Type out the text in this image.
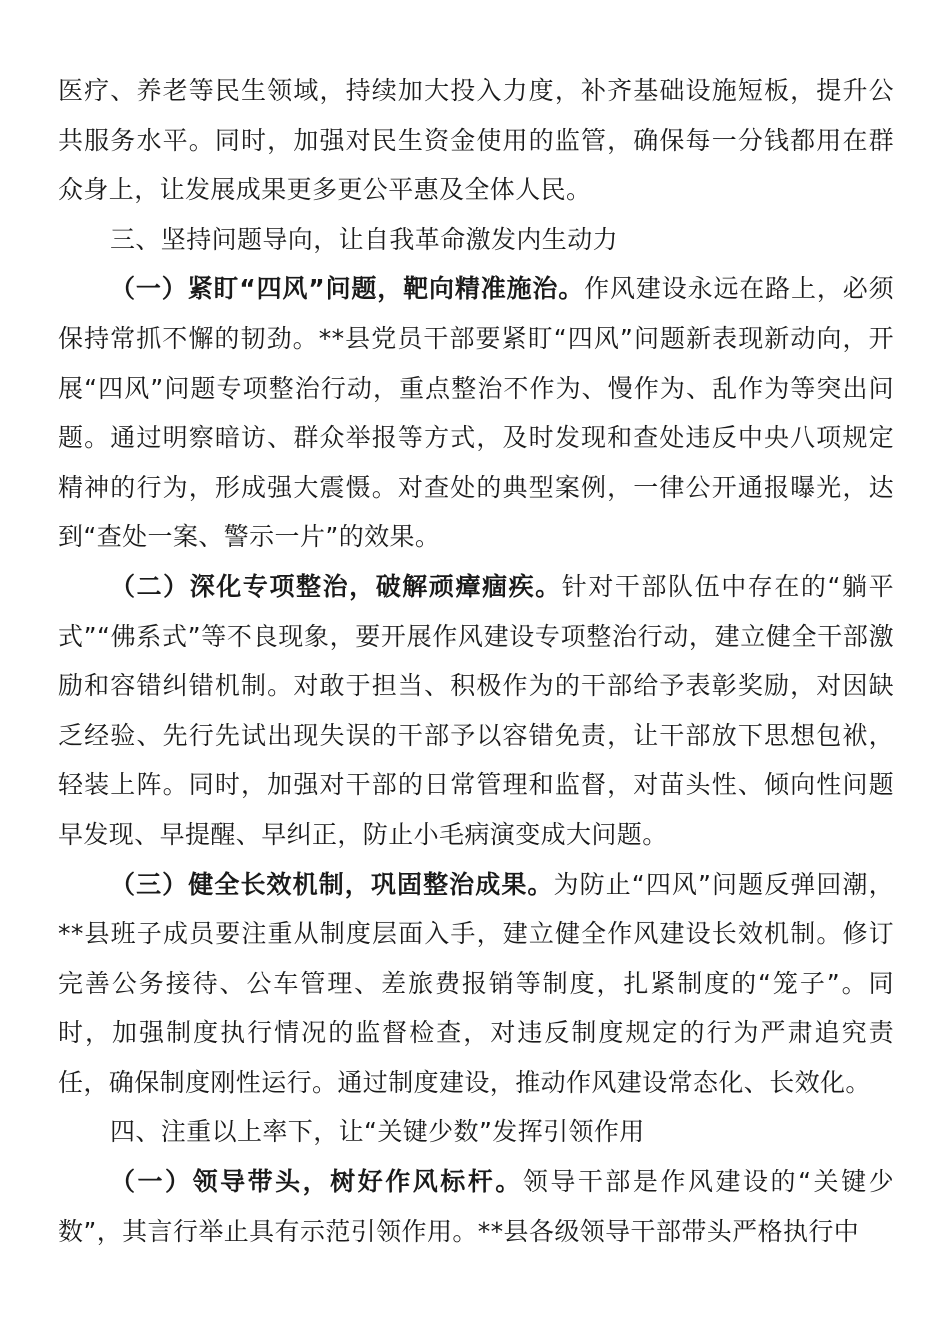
医疗、养老等民生领域，持续加大投入力度，补齐基础设施短板，提升公共服务水平。同时，加强对民生资金使用的监管，确保每一分钱都用在群众身上，让发展成果更多更公平惠及全体人民。

三、坚持问题导向，让自我革命激发内生动力

（一）紧盯“四风”问题，靶向精准施治。作风建设永远在路上，必须保持常抓不懈的韧劲。**县党员干部要紧盯“四风”问题新表现新动向，开展“四风”问题专项整治行动，重点整治不作为、慢作为、乱作为等突出问题。通过明察暗访、群众举报等方式，及时发现和查处违反中央八项规定精神的行为，形成强大震慑。对查处的典型案例，一律公开通报曝光，达到“查处一案、警示一片”的效果。

（二）深化专项整治，破解顽瘴痼疾。针对干部队伍中存在的“躺平式”“佛系式”等不良现象，要开展作风建设专项整治行动，建立健全干部激励和容错纠错机制。对敢于担当、积极作为的干部给予表彰奖励，对因缺乏经验、先行先试出现失误的干部予以容错免责，让干部放下思想包袱，轻装上阵。同时，加强对干部的日常管理和监督，对苗头性、倾向性问题早发现、早提醒、早纠正，防止小毛病演变成大问题。

（三）健全长效机制，巩固整治成果。为防止“四风”问题反弹回潮，**县班子成员要注重从制度层面入手，建立健全作风建设长效机制。修订完善公务接待、公车管理、差旅费报销等制度，扎紧制度的“笼子”。同时，加强制度执行情况的监督检查，对违反制度规定的行为严肃追究责任，确保制度刚性运行。通过制度建设，推动作风建设常态化、长效化。

四、注重以上率下，让“关键少数”发挥引领作用

（一）领导带头，树好作风标杆。领导干部是作风建设的“关键少数”，其言行举止具有示范引领作用。**县各级领导干部带头严格执行中
